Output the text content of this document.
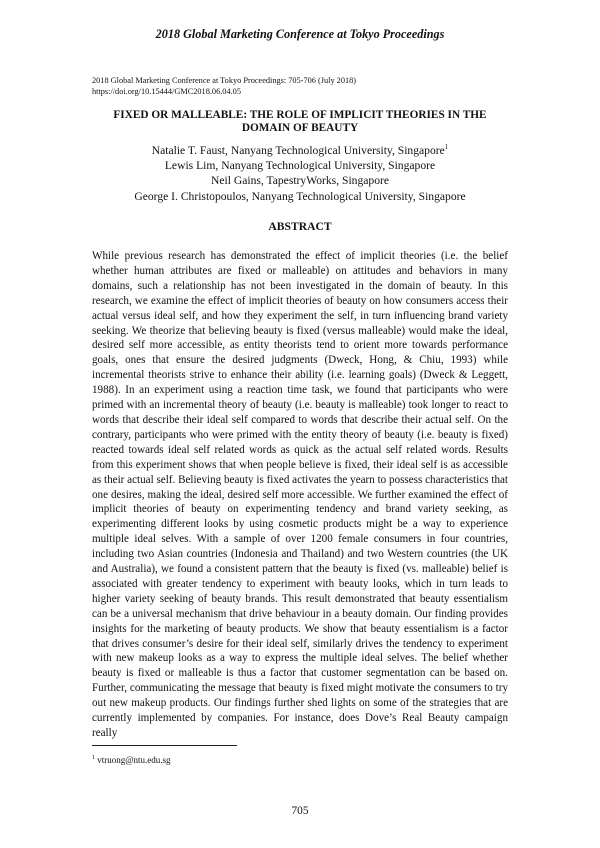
2018 Global Marketing Conference at Tokyo Proceedings
2018 Global Marketing Conference at Tokyo Proceedings: 705-706 (July 2018)
https://doi.org/10.15444/GMC2018.06.04.05
FIXED OR MALLEABLE: THE ROLE OF IMPLICIT THEORIES IN THE
DOMAIN OF BEAUTY
Natalie T. Faust, Nanyang Technological University, Singapore$^1$
Lewis Lim, Nanyang Technological University, Singapore
Neil Gains, TapestryWorks, Singapore
George I. Christopoulos, Nanyang Technological University, Singapore
ABSTRACT

While previous research has demonstrated the effect of implicit theories (i.e. the belief whether human attributes are fixed or malleable) on attitudes and behaviors in many domains, such a relationship has not been investigated in the domain of beauty. In this research, we examine the effect of implicit theories of beauty on how consumers access their actual versus ideal self, and how they experiment the self, in turn influencing brand variety seeking. We theorize that believing beauty is fixed (versus malleable) would make the ideal, desired self more accessible, as entity theorists tend to orient more towards performance goals, ones that ensure the desired judgments (Dweck, Hong, & Chiu, 1993) while incremental theorists strive to enhance their ability (i.e. learning goals) (Dweck & Leggett, 1988). In an experiment using a reaction time task, we found that participants who were primed with an incremental theory of beauty (i.e. beauty is malleable) took longer to react to words that describe their ideal self compared to words that describe their actual self. On the contrary, participants who were primed with the entity theory of beauty (i.e. beauty is fixed) reacted towards ideal self related words as quick as the actual self related words. Results from this experiment shows that when people believe is fixed, their ideal self is as accessible as their actual self. Believing beauty is fixed activates the yearn to possess characteristics that one desires, making the ideal, desired self more accessible. We further examined the effect of implicit theories of beauty on experimenting tendency and brand variety seeking, as experimenting different looks by using cosmetic products might be a way to experience multiple ideal selves. With a sample of over 1200 female consumers in four countries, including two Asian countries (Indonesia and Thailand) and two Western countries (the UK and Australia), we found a consistent pattern that the beauty is fixed (vs. malleable) belief is associated with greater tendency to experiment with beauty looks, which in turn leads to higher variety seeking of beauty brands. This result demonstrated that beauty essentialism can be a universal mechanism that drive behaviour in a beauty domain. Our finding provides insights for the marketing of beauty products. We show that beauty essentialism is a factor that drives consumer’s desire for their ideal self, similarly drives the tendency to experiment with new makeup looks as a way to express the multiple ideal selves. The belief whether beauty is fixed or malleable is thus a factor that customer segmentation can be based on. Further, communicating the message that beauty is fixed might motivate the consumers to try out new makeup products. Our findings further shed lights on some of the strategies that are currently implemented by companies. For instance, does Dove’s Real Beauty campaign really

$^1$ vtruong@ntu.edu.sg
705
